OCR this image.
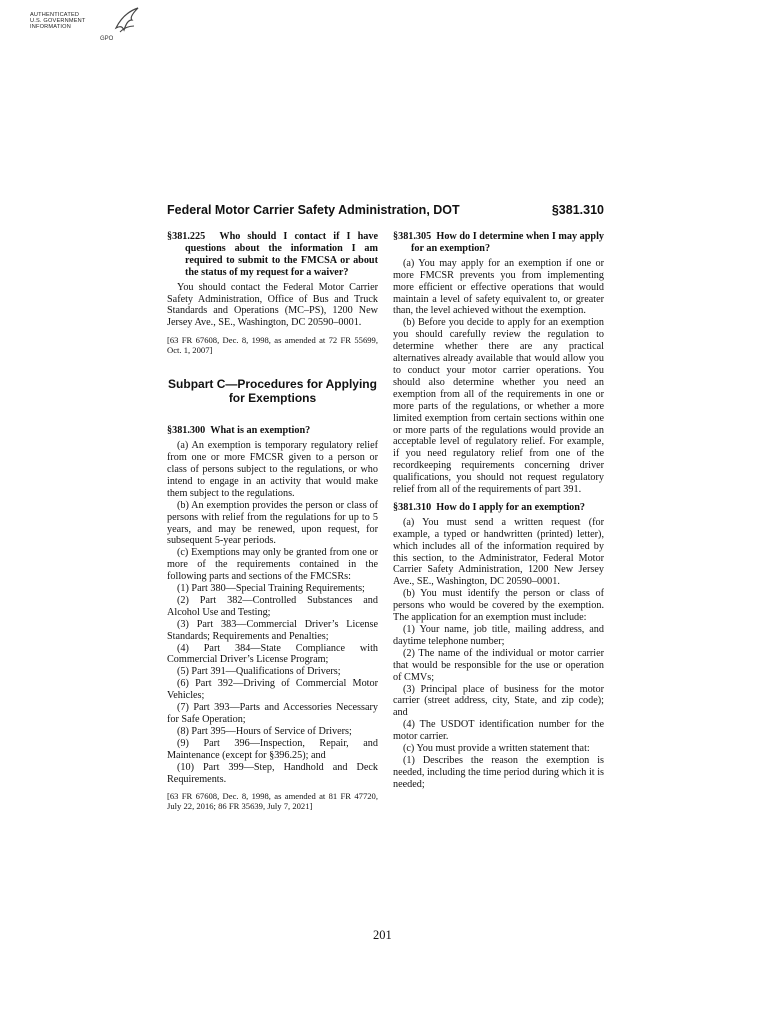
AUTHENTICATED
U.S. GOVERNMENT
INFORMATION
GPO
Federal Motor Carrier Safety Administration, DOT	§381.310

§381.225 Who should I contact if I have questions about the information I am required to submit to the FMCSA or about the status of my request for a waiver?

You should contact the Federal Motor Carrier Safety Administration, Office of Bus and Truck Standards and Operations (MC–PS), 1200 New Jersey Ave., SE., Washington, DC 20590–0001.

[63 FR 67608, Dec. 8, 1998, as amended at 72 FR 55699, Oct. 1, 2007]

Subpart C—Procedures for Applying for Exemptions

§381.300 What is an exemption?

(a) An exemption is temporary regulatory relief from one or more FMCSR given to a person or class of persons subject to the regulations, or who intend to engage in an activity that would make them subject to the regulations.

(b) An exemption provides the person or class of persons with relief from the regulations for up to 5 years, and may be renewed, upon request, for subsequent 5-year periods.

(c) Exemptions may only be granted from one or more of the requirements contained in the following parts and sections of the FMCSRs:

(1) Part 380—Special Training Requirements;

(2) Part 382—Controlled Substances and Alcohol Use and Testing;

(3) Part 383—Commercial Driver’s License Standards; Requirements and Penalties;

(4) Part 384—State Compliance with Commercial Driver’s License Program;

(5) Part 391—Qualifications of Drivers;

(6) Part 392—Driving of Commercial Motor Vehicles;

(7) Part 393—Parts and Accessories Necessary for Safe Operation;

(8) Part 395—Hours of Service of Drivers;

(9) Part 396—Inspection, Repair, and Maintenance (except for §396.25); and

(10) Part 399—Step, Handhold and Deck Requirements.

[63 FR 67608, Dec. 8, 1998, as amended at 81 FR 47720, July 22, 2016; 86 FR 35639, July 7, 2021]

§381.305 How do I determine when I may apply for an exemption?

(a) You may apply for an exemption if one or more FMCSR prevents you from implementing more efficient or effective operations that would maintain a level of safety equivalent to, or greater than, the level achieved without the exemption.

(b) Before you decide to apply for an exemption you should carefully review the regulation to determine whether there are any practical alternatives already available that would allow you to conduct your motor carrier operations. You should also determine whether you need an exemption from all of the requirements in one or more parts of the regulations, or whether a more limited exemption from certain sections within one or more parts of the regulations would provide an acceptable level of regulatory relief. For example, if you need regulatory relief from one of the recordkeeping requirements concerning driver qualifications, you should not request regulatory relief from all of the requirements of part 391.

§381.310 How do I apply for an exemption?

(a) You must send a written request (for example, a typed or handwritten (printed) letter), which includes all of the information required by this section, to the Administrator, Federal Motor Carrier Safety Administration, 1200 New Jersey Ave., SE., Washington, DC 20590–0001.

(b) You must identify the person or class of persons who would be covered by the exemption. The application for an exemption must include:

(1) Your name, job title, mailing address, and daytime telephone number;

(2) The name of the individual or motor carrier that would be responsible for the use or operation of CMVs;

(3) Principal place of business for the motor carrier (street address, city, State, and zip code); and

(4) The USDOT identification number for the motor carrier.

(c) You must provide a written statement that:

(1) Describes the reason the exemption is needed, including the time period during which it is needed;

201
